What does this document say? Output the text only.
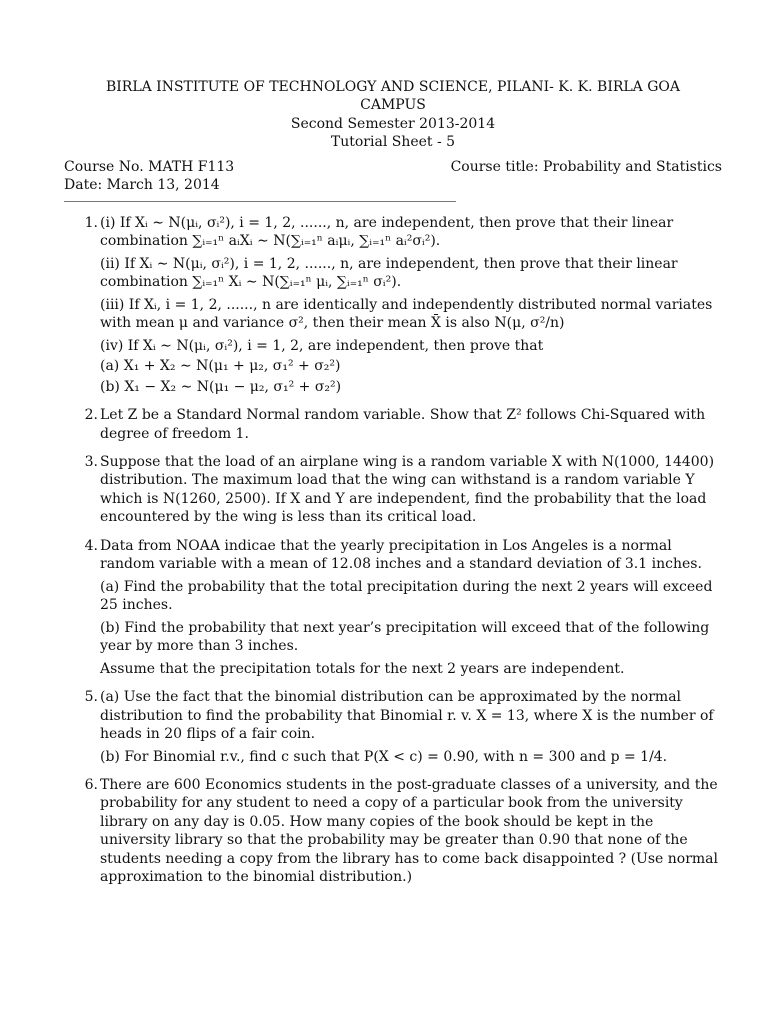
BIRLA INSTITUTE OF TECHNOLOGY AND SCIENCE, PILANI- K. K. BIRLA GOA
CAMPUS
Second Semester 2013-2014
Tutorial Sheet - 5
Course No. MATH F113
Date: March 13, 2014
Course title: Probability and Statistics
1. (i) If Xᵢ ∼ N(μᵢ, σᵢ²), i = 1, 2, ......, n, are independent, then prove that their linear combination ∑ᵢ₌₁ⁿ aᵢXᵢ ∼ N(∑ᵢ₌₁ⁿ aᵢμᵢ, ∑ᵢ₌₁ⁿ aᵢ²σᵢ²).

(ii) If Xᵢ ∼ N(μᵢ, σᵢ²), i = 1, 2, ......, n, are independent, then prove that their linear combination ∑ᵢ₌₁ⁿ Xᵢ ∼ N(∑ᵢ₌₁ⁿ μᵢ, ∑ᵢ₌₁ⁿ σᵢ²).

(iii) If Xᵢ, i = 1, 2, ......, n are identically and independently distributed normal variates with mean μ and variance σ², then their mean X̄ is also N(μ, σ²/n)

(iv) If Xᵢ ∼ N(μᵢ, σᵢ²), i = 1, 2, are independent, then prove that

(a) X₁ + X₂ ∼ N(μ₁ + μ₂, σ₁² + σ₂²)

(b) X₁ − X₂ ∼ N(μ₁ − μ₂, σ₁² + σ₂²)

2. Let Z be a Standard Normal random variable. Show that Z² follows Chi-Squared with degree of freedom 1.

3. Suppose that the load of an airplane wing is a random variable X with N(1000, 14400) distribution. The maximum load that the wing can withstand is a random variable Y which is N(1260, 2500). If X and Y are independent, find the probability that the load encountered by the wing is less than its critical load.

4. Data from NOAA indicae that the yearly precipitation in Los Angeles is a normal random variable with a mean of 12.08 inches and a standard deviation of 3.1 inches.

(a) Find the probability that the total precipitation during the next 2 years will exceed 25 inches.

(b) Find the probability that next year’s precipitation will exceed that of the following year by more than 3 inches.

Assume that the precipitation totals for the next 2 years are independent.

5. (a) Use the fact that the binomial distribution can be approximated by the normal distribution to find the probability that Binomial r. v. X = 13, where X is the number of heads in 20 flips of a fair coin.

(b) For Binomial r.v., find c such that P(X < c) = 0.90, with n = 300 and p = 1/4.

6. There are 600 Economics students in the post-graduate classes of a university, and the probability for any student to need a copy of a particular book from the university library on any day is 0.05. How many copies of the book should be kept in the university library so that the probability may be greater than 0.90 that none of the students needing a copy from the library has to come back disappointed ? (Use normal approximation to the binomial distribution.)
